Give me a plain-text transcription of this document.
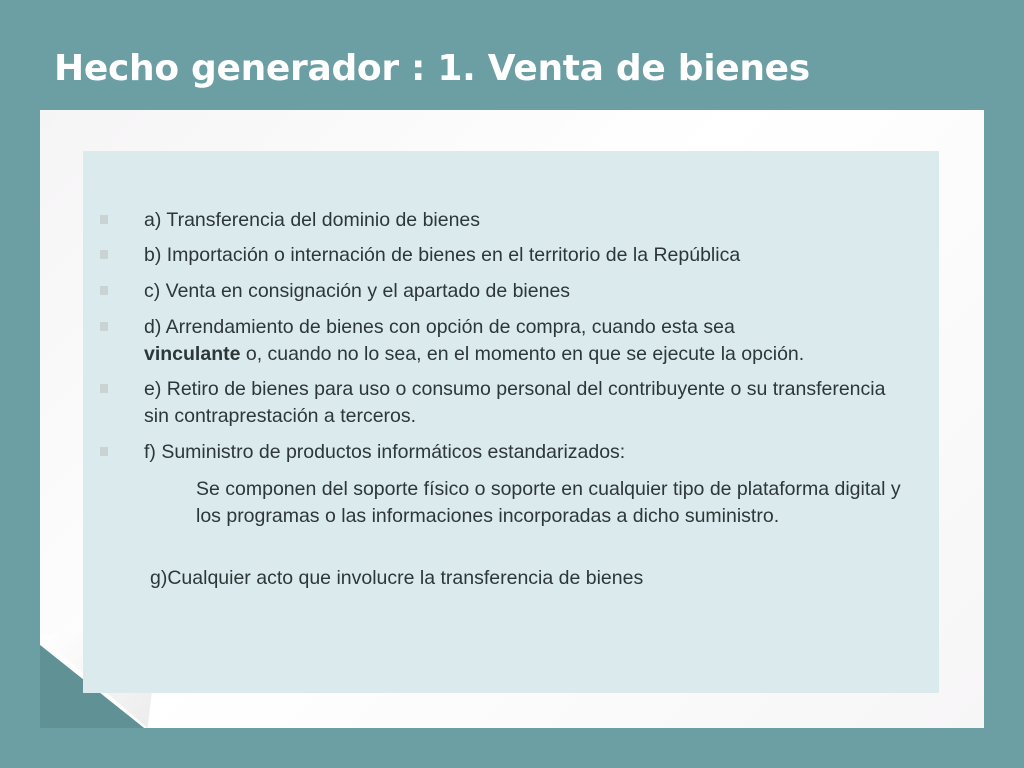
Hecho generador : 1. Venta de bienes
a) Transferencia del dominio de bienes
b) Importación o internación de bienes en el territorio de la República
c) Venta en consignación y el apartado de bienes
d) Arrendamiento de bienes con opción de compra, cuando esta sea
vinculante o, cuando no lo sea, en el momento en que se ejecute la opción.
e) Retiro de bienes para uso o consumo personal del contribuyente o su transferencia sin contraprestación a terceros.
f) Suministro de productos informáticos estandarizados:
Se componen del soporte físico o soporte en cualquier tipo de plataforma digital y los programas o las informaciones incorporadas a dicho suministro.
g)Cualquier acto que involucre la transferencia de bienes
